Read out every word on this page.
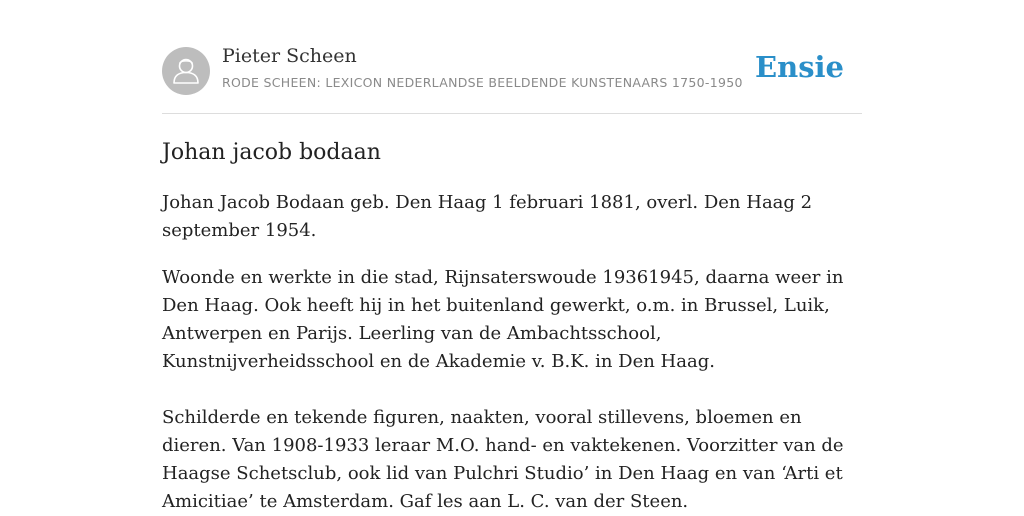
Pieter Scheen
RODE SCHEEN: LEXICON NEDERLANDSE BEELDENDE KUNSTENAARS 1750-1950 Ensie
Johan jacob bodaan

Johan Jacob Bodaan geb. Den Haag 1 februari 1881, overl. Den Haag 2 september 1954.

Woonde en werkte in die stad, Rijnsaterswoude 19361945, daarna weer in Den Haag. Ook heeft hij in het buitenland gewerkt, o.m. in Brussel, Luik, Antwerpen en Parijs. Leerling van de Ambachtsschool, Kunstnijverheidsschool en de Akademie v. B.K. in Den Haag.

Schilderde en tekende figuren, naakten, vooral stillevens, bloemen en dieren. Van 1908-1933 leraar M.O. hand- en vaktekenen. Voorzitter van de Haagse Schetsclub, ook lid van Pulchri Studio’ in Den Haag en van ‘Arti et Amicitiae’ te Amsterdam. Gaf les aan L. C. van der Steen.
